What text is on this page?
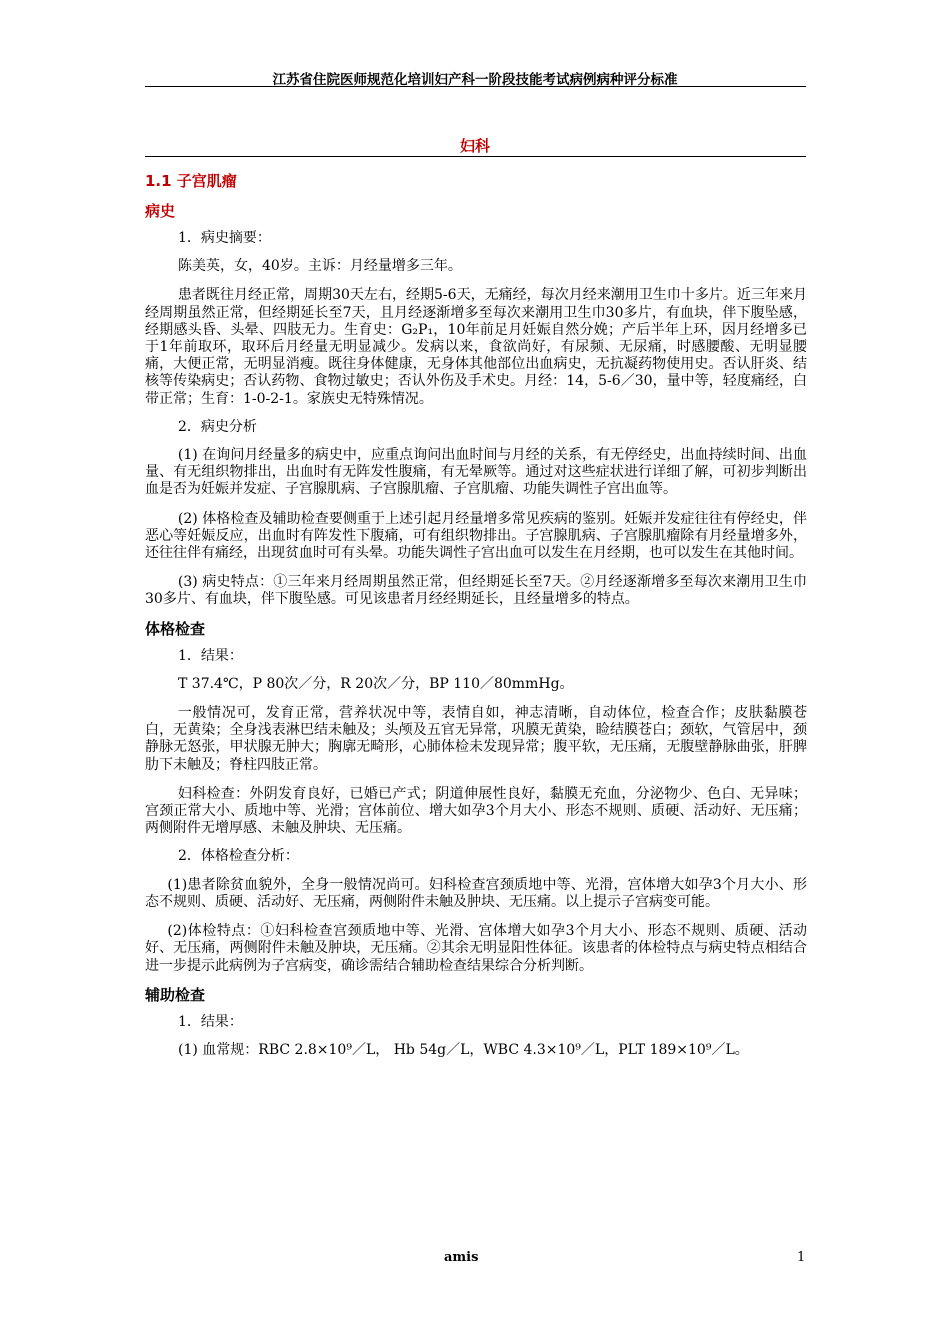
江苏省住院医师规范化培训妇产科一阶段技能考试病例病种评分标准
妇科
1.1 子宫肌瘤
病史

1．病史摘要：

陈美英，女，40岁。主诉：月经量增多三年。

患者既往月经正常，周期30天左右，经期5-6天，无痛经，每次月经来潮用卫生巾十多片。近三年来月经周期虽然正常，但经期延长至7天，且月经逐渐增多至每次来潮用卫生巾30多片，有血块，伴下腹坠感，经期感头昏、头晕、四肢无力。生育史：G₂P₁，10年前足月妊娠自然分娩；产后半年上环，因月经增多已于1年前取环，取环后月经量无明显减少。发病以来，食欲尚好，有尿频、无尿痛，时感腰酸、无明显腰痛，大便正常，无明显消瘦。既往身体健康，无身体其他部位出血病史，无抗凝药物使用史。否认肝炎、结核等传染病史；否认药物、食物过敏史；否认外伤及手术史。月经：14，5-6／30，量中等，轻度痛经，白带正常；生育：1-0-2-1。家族史无特殊情况。

2．病史分析

(1) 在询问月经量多的病史中，应重点询问出血时间与月经的关系，有无停经史，出血持续时间、出血量、有无组织物排出，出血时有无阵发性腹痛，有无晕厥等。通过对这些症状进行详细了解，可初步判断出血是否为妊娠并发症、子宫腺肌病、子宫腺肌瘤、子宫肌瘤、功能失调性子宫出血等。

(2) 体格检查及辅助检查要侧重于上述引起月经量增多常见疾病的鉴别。妊娠并发症往往有停经史，伴恶心等妊娠反应，出血时有阵发性下腹痛，可有组织物排出。子宫腺肌病、子宫腺肌瘤除有月经量增多外，还往往伴有痛经，出现贫血时可有头晕。功能失调性子宫出血可以发生在月经期，也可以发生在其他时间。

(3) 病史特点：①三年来月经周期虽然正常，但经期延长至7天。②月经逐渐增多至每次来潮用卫生巾30多片、有血块，伴下腹坠感。可见该患者月经经期延长，且经量增多的特点。

体格检查

1．结果：

T 37.4℃，P 80次／分，R 20次／分，BP 110／80mmHg。

一般情况可，发育正常，营养状况中等，表情自如，神志清晰，自动体位，检查合作；皮肤黏膜苍白，无黄染；全身浅表淋巴结未触及；头颅及五官无异常，巩膜无黄染，睑结膜苍白；颈软，气管居中，颈静脉无怒张，甲状腺无肿大；胸廓无畸形，心肺体检未发现异常；腹平软，无压痛，无腹壁静脉曲张，肝脾肋下未触及；脊柱四肢正常。

妇科检查：外阴发育良好，已婚已产式；阴道伸展性良好，黏膜无充血，分泌物少、色白、无异味；宫颈正常大小、质地中等、光滑；宫体前位、增大如孕3个月大小、形态不规则、质硬、活动好、无压痛；两侧附件无增厚感、未触及肿块、无压痛。

2．体格检查分析：

(1)患者除贫血貌外，全身一般情况尚可。妇科检查宫颈质地中等、光滑，宫体增大如孕3个月大小、形态不规则、质硬、活动好、无压痛，两侧附件未触及肿块、无压痛。以上提示子宫病变可能。

(2)体检特点：①妇科检查宫颈质地中等、光滑、宫体增大如孕3个月大小、形态不规则、质硬、活动好、无压痛，两侧附件未触及肿块，无压痛。②其余无明显阳性体征。该患者的体检特点与病史特点相结合进一步提示此病例为子宫病变，确诊需结合辅助检查结果综合分析判断。

辅助检查

1．结果：

(1) 血常规：RBC 2.8×10⁹／L， Hb 54g／L，WBC 4.3×10⁹／L，PLT 189×10⁹／L。

amis	1
